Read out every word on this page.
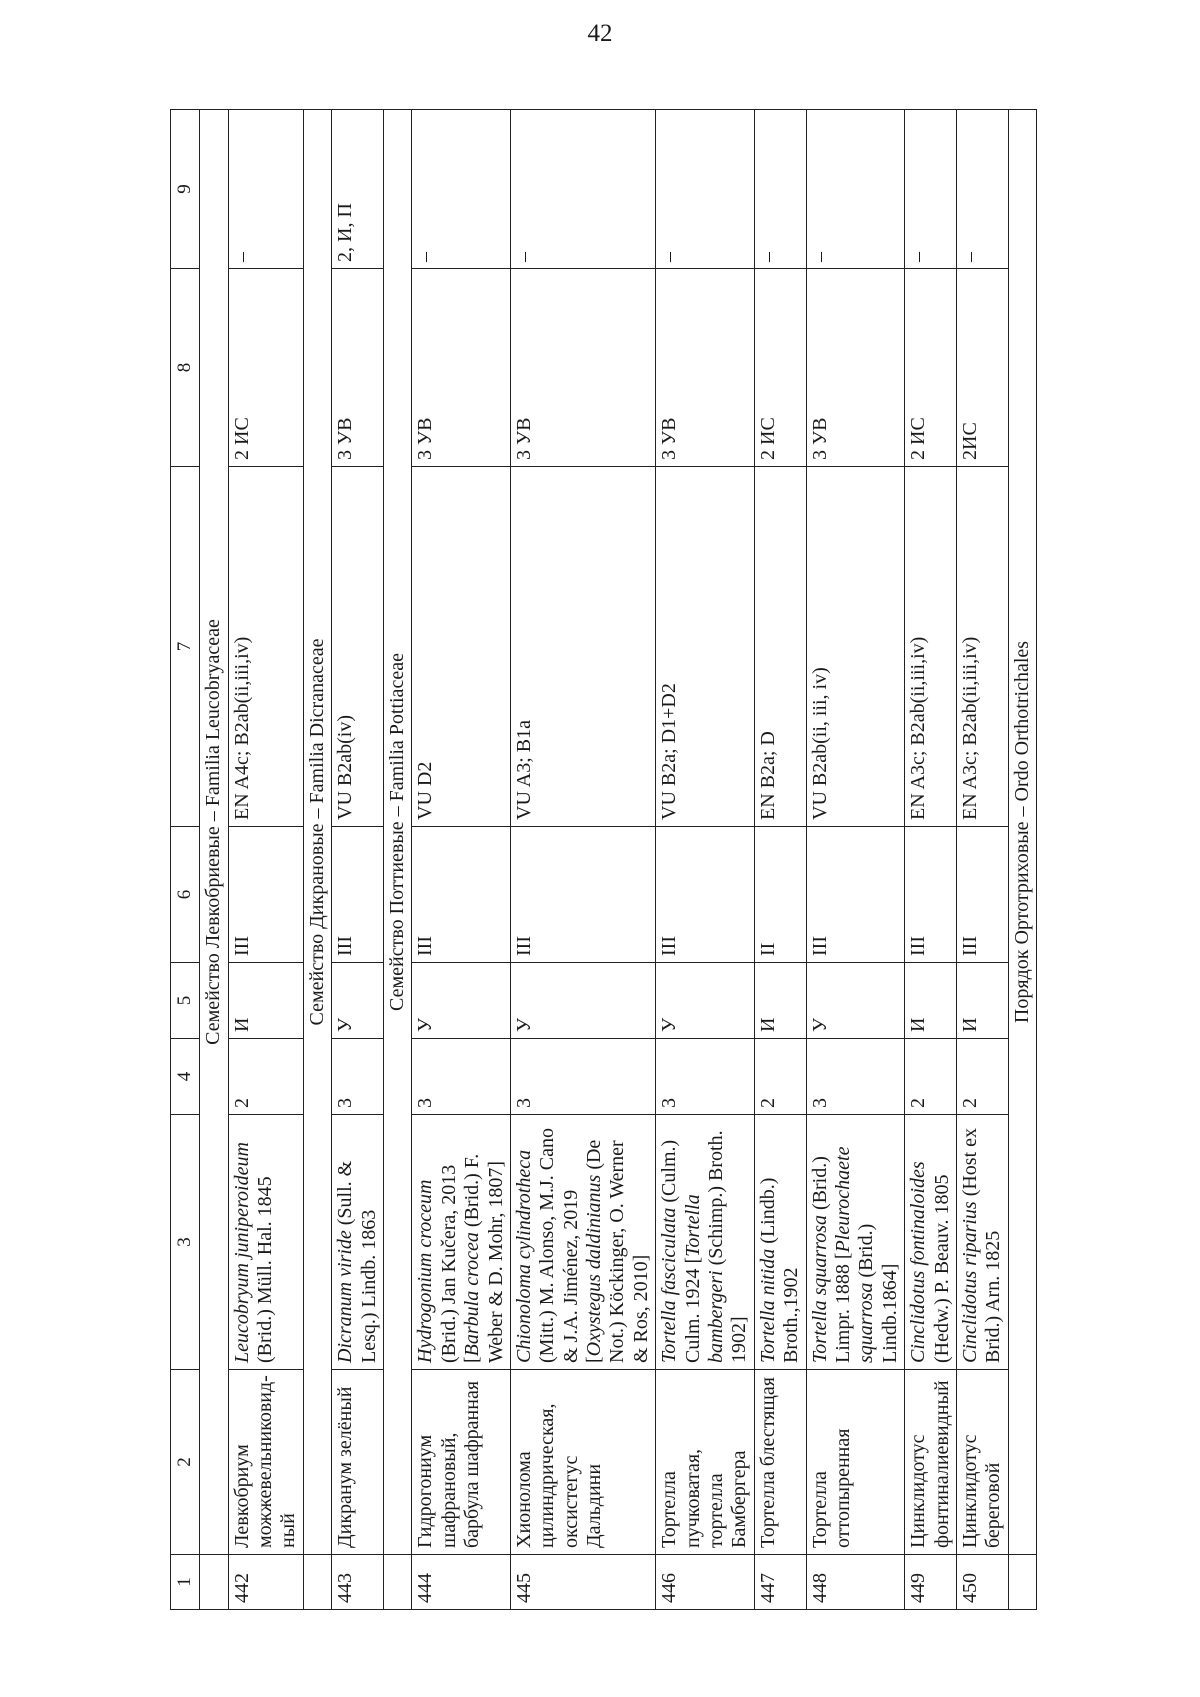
42
1	2	3	4	5	6	7	8	9
	Семейство Левкобриевые – Familia Leucobryaceae							
442	Левкобриум можжевельниковид-ный	Leucobryum juniperoideum (Brid.) Müll. Hal. 1845	2	И	III	EN A4c; B2ab(ii,iii,iv)	2 ИС	–
	Семейство Дикрановые – Familia Dicranaceae							
443	Дикранум зелёный	Dicranum viride (Sull. & Lesq.) Lindb. 1863	3	У	III	VU B2ab(iv)	3 УВ	2, И, П
	Семейство Поттиевые – Familia Pottiaceae							
444	Гидрогониум шафрановый, барбула шафранная	Hydrogonium croceum (Brid.) Jan Kučera, 2013 [Barbula crocea (Brid.) F. Weber & D. Mohr, 1807]	3	У	III	VU D2	3 УВ	–
445	Хионолома цилиндрическая, оксистегус Дальдини	Chionoloma cylindrotheca (Mitt.) M. Alonso, M.J. Cano & J.A. Jiménez, 2019 [Oxystegus daldinianus (De Not.) Köckinger, O. Werner & Ros, 2010]	3	У	III	VU A3; B1a	3 УВ	–
446	Тортелла пучковатая, тортелла Бамбергера	Tortella fasciculata (Culm.) Culm. 1924 [Tortella bambergeri (Schimp.) Broth. 1902]	3	У	III	VU B2a; D1+D2	3 УВ	–
447	Тортелла блестящая	Tortella nitida (Lindb.) Broth.,1902	2	И	II	EN B2a; D	2 ИС	–
448	Тортелла оттопыренная	Tortella squarrosa (Brid.) Limpr. 1888 [Pleurochaete squarrosa (Brid.) Lindb.1864]	3	У	III	VU B2ab(ii, iii, iv)	3 УВ	–
449	Цинклидотус фонтиналиевидный	Cinclidotus fontinaloides (Hedw.) P. Beauv. 1805	2	И	III	EN A3c; B2ab(ii,iii,iv)	2 ИС	–
450	Цинклидотус береговой	Cinclidotus riparius (Host ex Brid.) Arn. 1825	2	И	III	EN A3c; B2ab(ii,iii,iv)	2ИС	–
	Порядок Ортотриховые – Ordo Orthotrichales							
